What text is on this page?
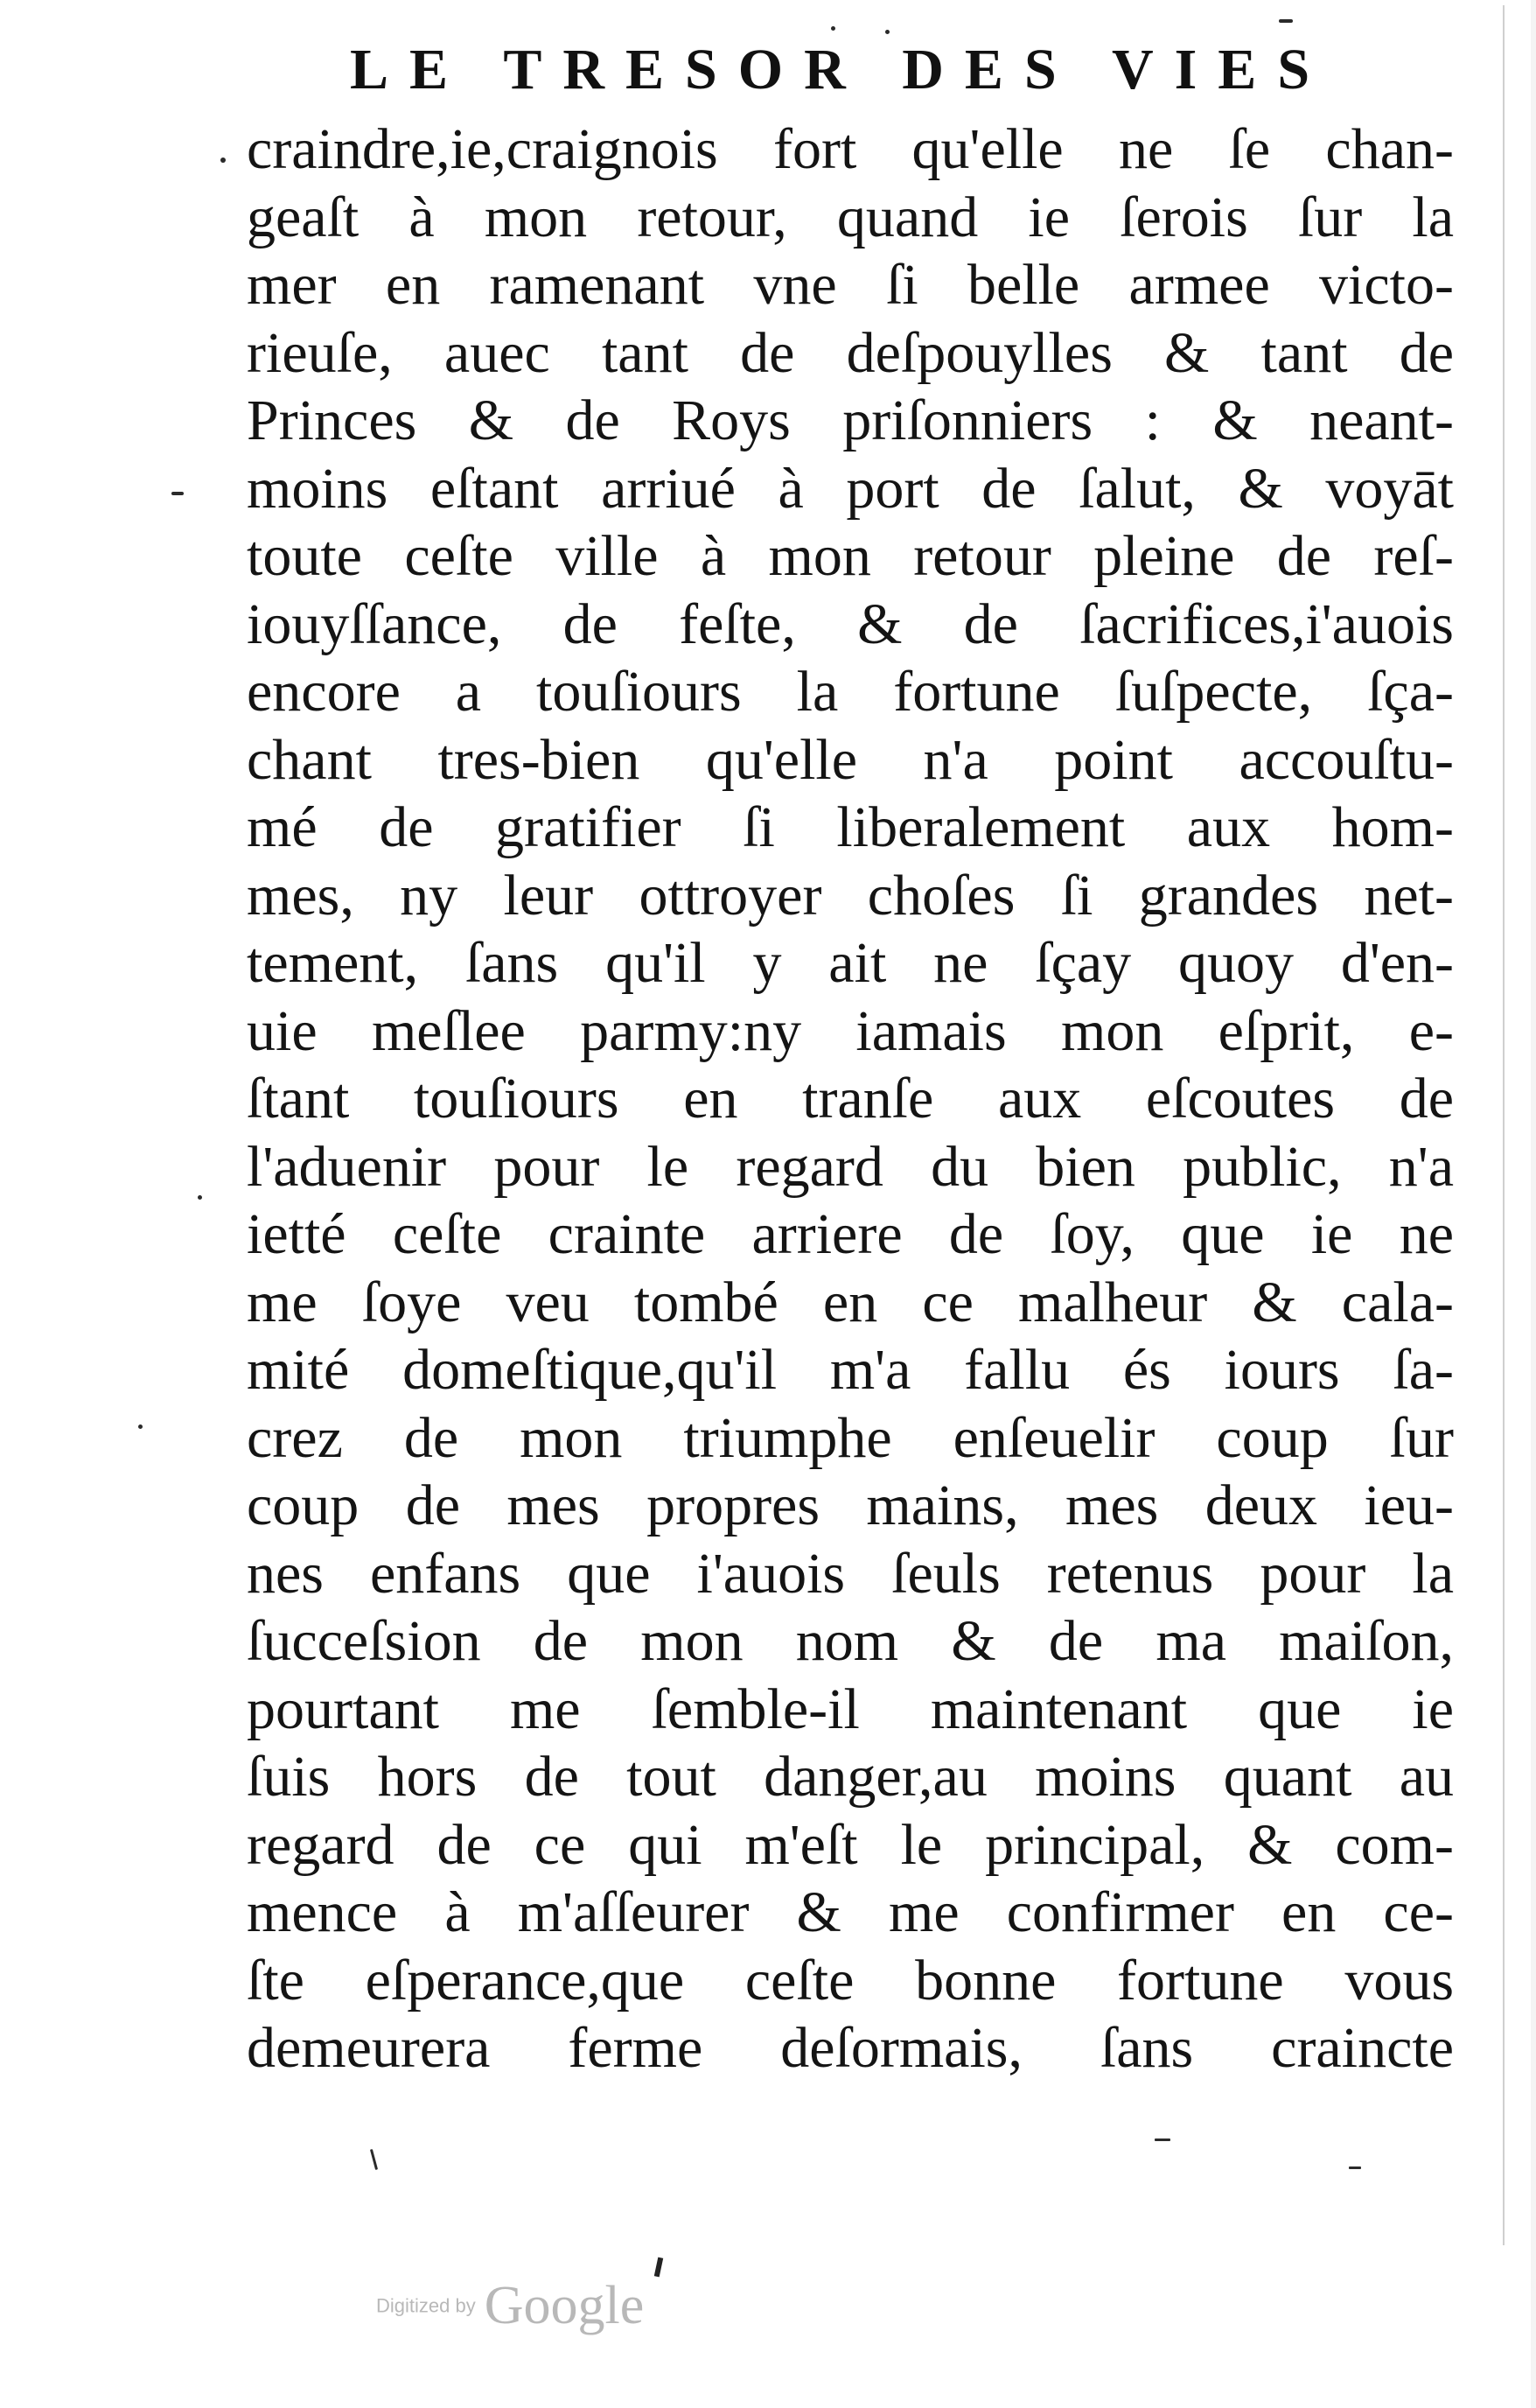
LE TRESOR DES VIES
craindre,ie,craignois fort qu'elle ne ſe chan-
geaſt à mon retour, quand ie ſerois ſur la
mer en ramenant vne ſi belle armee victo-
rieuſe, auec tant de deſpouylles & tant de
Princes & de Roys priſonniers : & neant-
moins eſtant arriué à port de ſalut, & voyāt
toute ceſte ville à mon retour pleine de reſ-
iouyſſance, de feſte, & de ſacrifices,i'auois
encore a touſiours la fortune ſuſpecte, ſça-
chant tres-bien qu'elle n'a point accouſtu-
mé de gratifier ſi liberalement aux hom-
mes, ny leur ottroyer choſes ſi grandes net-
tement, ſans qu'il y ait ne ſçay quoy d'en-
uie meſlee parmy:ny iamais mon eſprit, e-
ſtant touſiours en tranſe aux eſcoutes de
l'aduenir pour le regard du bien public, n'a
ietté ceſte crainte arriere de ſoy, que ie ne
me ſoye veu tombé en ce malheur & cala-
mité domeſtique,qu'il m'a fallu és iours ſa-
crez de mon triumphe enſeuelir coup ſur
coup de mes propres mains, mes deux ieu-
nes enfans que i'auois ſeuls retenus pour la
ſucceſsion de mon nom & de ma maiſon,
pourtant me ſemble-il maintenant que ie
ſuis hors de tout danger,au moins quant au
regard de ce qui m'eſt le principal, & com-
mence à m'aſſeurer & me confirmer en ce-
ſte eſperance,que ceſte bonne fortune vous
demeurera ferme deſormais, ſans craincte
Digitized by Google
